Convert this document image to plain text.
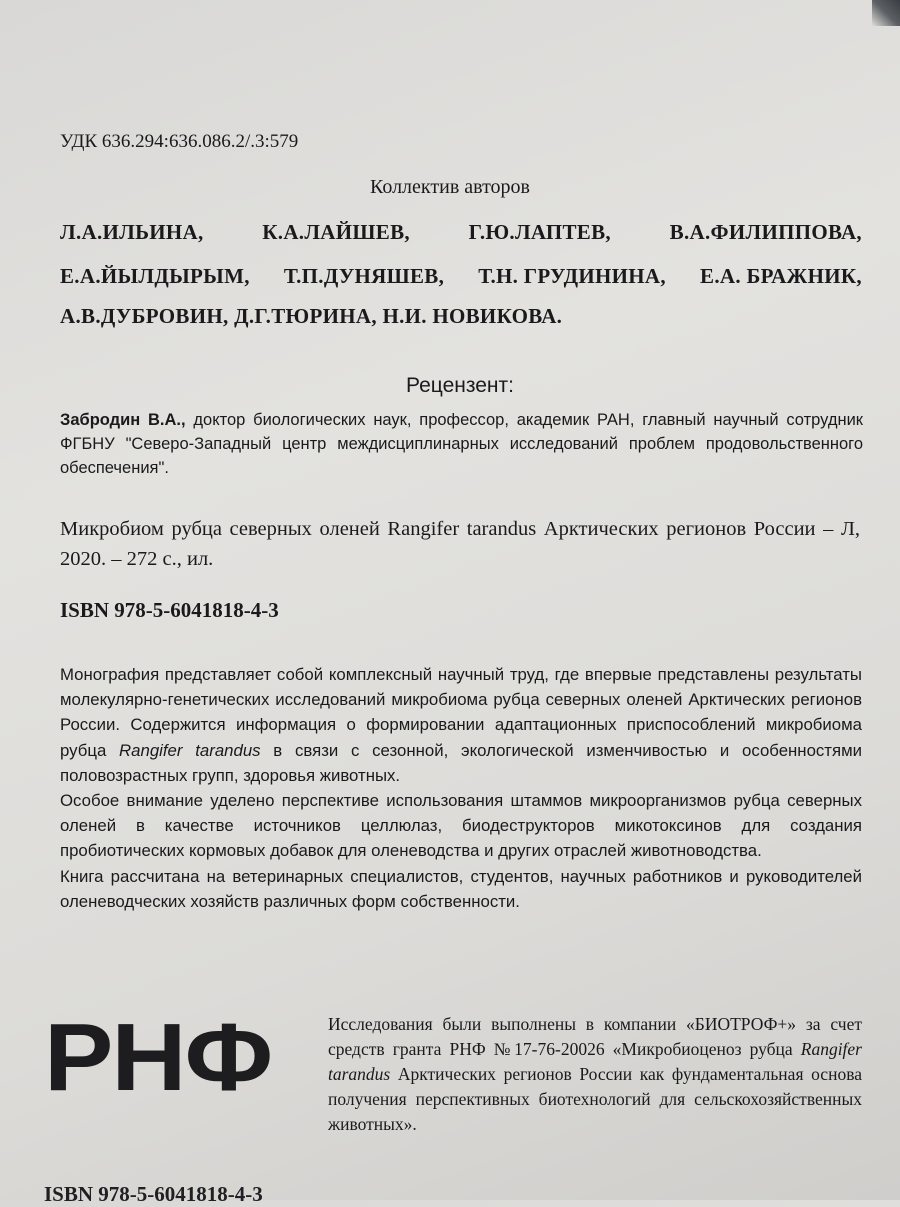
УДК 636.294:636.086.2/.3:579
Коллектив авторов
Л.А.ИЛЬИНА,	К.А.ЛАЙШЕВ,	Г.Ю.ЛАПТЕВ,	В.А.ФИЛИППОВА,
Е.А.ЙЫЛДЫРЫМ, Т.П.ДУНЯШЕВ, Т.Н. ГРУДИНИНА, Е.А. БРАЖНИК,
А.В.ДУБРОВИН, Д.Г.ТЮРИНА, Н.И. НОВИКОВА.
Рецензент:
Забродин В.А., доктор биологических наук, профессор, академик РАН, главный научный сотрудник ФГБНУ "Северо-Западный центр междисциплинарных исследований проблем продовольственного обеспечения".
Микробиом рубца северных оленей Rangifer tarandus Арктических регионов России – Л, 2020. – 272 с., ил.
ISBN 978-5-6041818-4-3

Монография представляет собой комплексный научный труд, где впервые представлены результаты молекулярно-генетических исследований микробиома рубца северных оленей Арктических регионов России. Содержится информация о формировании адаптационных приспособлений микробиома рубца Rangifer tarandus в связи с сезонной, экологической изменчивостью и особенностями половозрастных групп, здоровья животных.

Особое внимание уделено перспективе использования штаммов микроорганизмов рубца северных оленей в качестве источников целлюлаз, биодеструкторов микотоксинов для создания пробиотических кормовых добавок для оленеводства и других отраслей животноводства.

Книга рассчитана на ветеринарных специалистов, студентов, научных работников и руководителей оленеводческих хозяйств различных форм собственности.

РНФ	Исследования были выполнены в компании «БИОТРОФ+» за счет средств гранта РНФ №17-76-20026 «Микробиоценоз рубца Rangifer tarandus Арктических регионов России как фундаментальная основа получения перспективных биотехнологий для сельскохозяйственных животных».
ISBN 978-5-6041818-4-3
